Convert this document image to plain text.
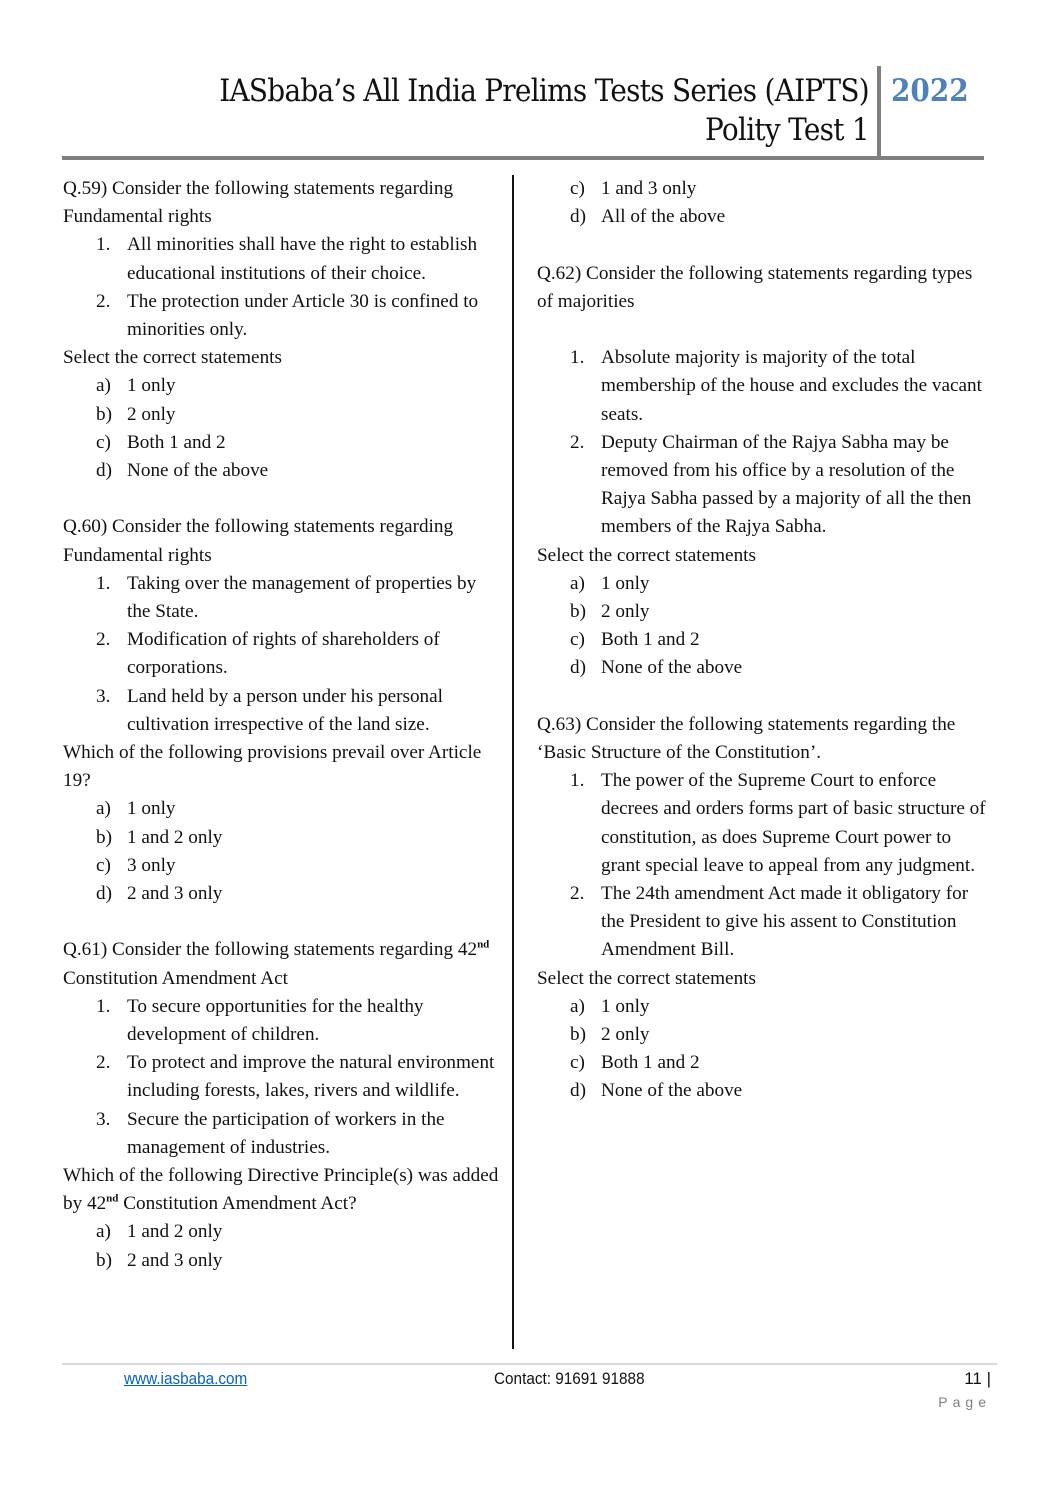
IASbaba’s All India Prelims Tests Series (AIPTS)
Polity Test 1
2022
Q.59) Consider the following statements regarding Fundamental rights
1. All minorities shall have the right to establish educational institutions of their choice.
2. The protection under Article 30 is confined to minorities only.
Select the correct statements
a) 1 only
b) 2 only
c) Both 1 and 2
d) None of the above
Q.60) Consider the following statements regarding Fundamental rights
1. Taking over the management of properties by the State.
2. Modification of rights of shareholders of corporations.
3. Land held by a person under his personal cultivation irrespective of the land size.
Which of the following provisions prevail over Article 19?
a) 1 only
b) 1 and 2 only
c) 3 only
d) 2 and 3 only
Q.61) Consider the following statements regarding 42nd Constitution Amendment Act
1. To secure opportunities for the healthy development of children.
2. To protect and improve the natural environment including forests, lakes, rivers and wildlife.
3. Secure the participation of workers in the management of industries.
Which of the following Directive Principle(s) was added by 42nd Constitution Amendment Act?
a) 1 and 2 only
b) 2 and 3 only
c) 1 and 3 only
d) All of the above
Q.62) Consider the following statements regarding types of majorities
1. Absolute majority is majority of the total membership of the house and excludes the vacant seats.
2. Deputy Chairman of the Rajya Sabha may be removed from his office by a resolution of the Rajya Sabha passed by a majority of all the then members of the Rajya Sabha.
Select the correct statements
a) 1 only
b) 2 only
c) Both 1 and 2
d) None of the above
Q.63) Consider the following statements regarding the ‘Basic Structure of the Constitution’.
1. The power of the Supreme Court to enforce decrees and orders forms part of basic structure of constitution, as does Supreme Court power to grant special leave to appeal from any judgment.
2. The 24th amendment Act made it obligatory for the President to give his assent to Constitution Amendment Bill.
Select the correct statements
a) 1 only
b) 2 only
c) Both 1 and 2
d) None of the above
www.iasbaba.com	Contact: 91691 91888	11 |
Page
